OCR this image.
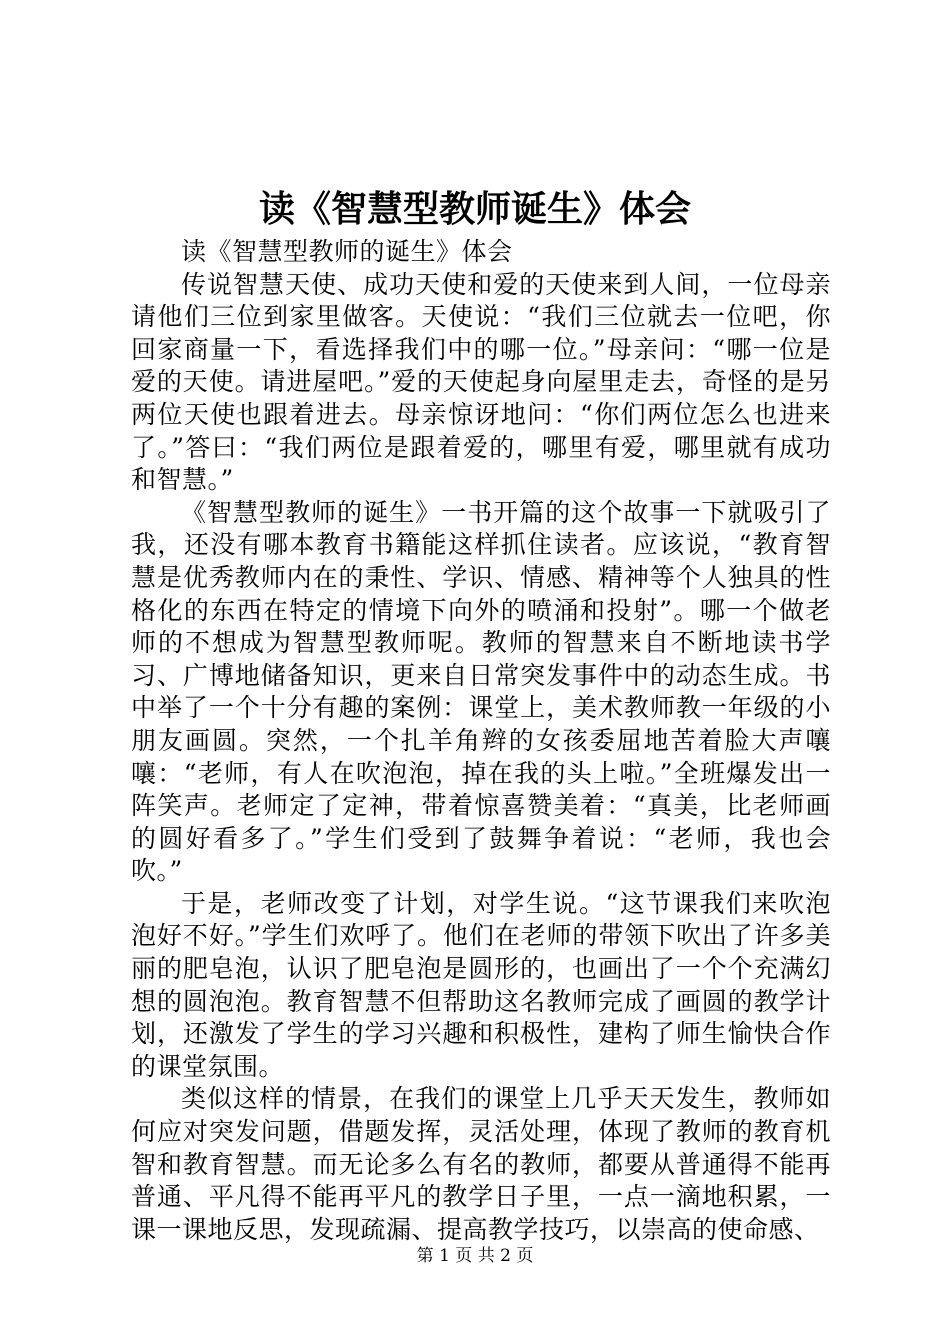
读《智慧型教师诞生》体会

读《智慧型教师的诞生》体会

传说智慧天使、成功天使和爱的天使来到人间，一位母亲请他们三位到家里做客。天使说：“我们三位就去一位吧，你回家商量一下，看选择我们中的哪一位。”母亲问：“哪一位是爱的天使。请进屋吧。”爱的天使起身向屋里走去，奇怪的是另两位天使也跟着进去。母亲惊讶地问：“你们两位怎么也进来了。”答曰：“我们两位是跟着爱的，哪里有爱，哪里就有成功和智慧。”

《智慧型教师的诞生》一书开篇的这个故事一下就吸引了我，还没有哪本教育书籍能这样抓住读者。应该说，“教育智慧是优秀教师内在的秉性、学识、情感、精神等个人独具的性格化的东西在特定的情境下向外的喷涌和投射”。哪一个做老师的不想成为智慧型教师呢。教师的智慧来自不断地读书学习、广博地储备知识，更来自日常突发事件中的动态生成。书中举了一个十分有趣的案例：课堂上，美术教师教一年级的小朋友画圆。突然，一个扎羊角辫的女孩委屈地苦着脸大声嚷嚷：“老师，有人在吹泡泡，掉在我的头上啦。”全班爆发出一阵笑声。老师定了定神，带着惊喜赞美着：“真美，比老师画的圆好看多了。”学生们受到了鼓舞争着说：“老师，我也会吹。”

于是，老师改变了计划，对学生说。“这节课我们来吹泡泡好不好。”学生们欢呼了。他们在老师的带领下吹出了许多美丽的肥皂泡，认识了肥皂泡是圆形的，也画出了一个个充满幻想的圆泡泡。教育智慧不但帮助这名教师完成了画圆的教学计划，还激发了学生的学习兴趣和积极性，建构了师生愉快合作的课堂氛围。

类似这样的情景，在我们的课堂上几乎天天发生，教师如何应对突发问题，借题发挥，灵活处理，体现了教师的教育机智和教育智慧。而无论多么有名的教师，都要从普通得不能再普通、平凡得不能再平凡的教学日子里，一点一滴地积累，一课一课地反思，发现疏漏、提高教学技巧，以崇高的使命感、

第 1 页 共 2 页
